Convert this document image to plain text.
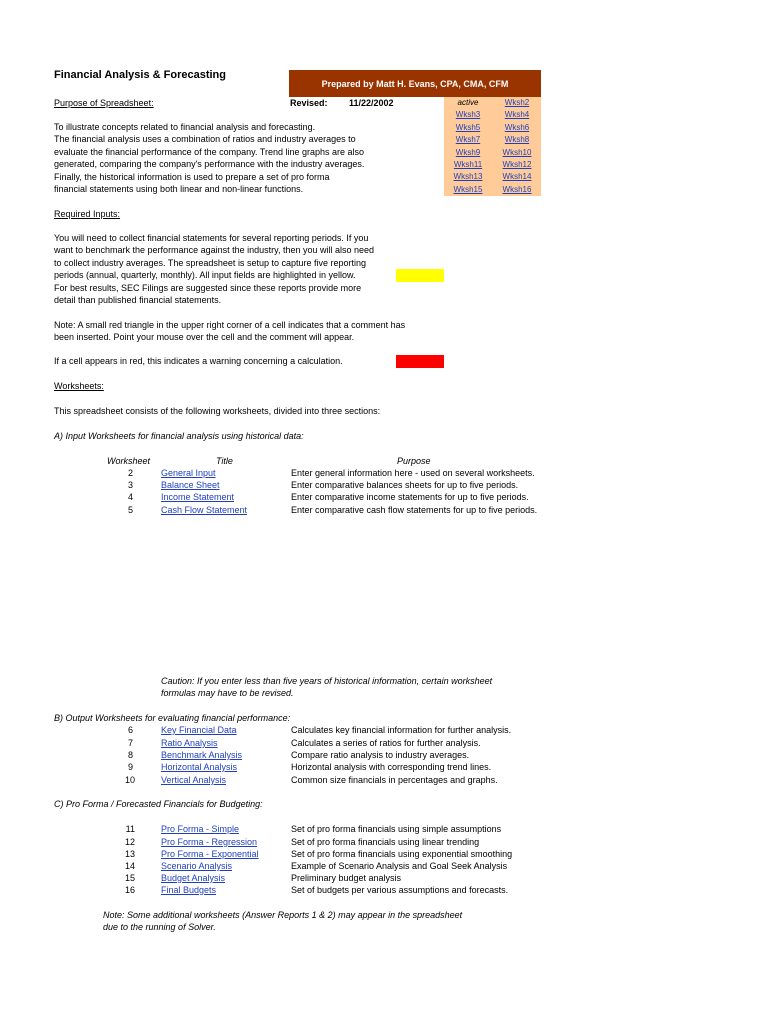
Financial Analysis & Forecasting
Prepared by Matt H. Evans, CPA, CMA, CFM
Purpose of Spreadsheet:	Revised: 11/22/2002	active	Wksh2
Wksh3	Wksh4
Wksh5	Wksh6
Wksh7	Wksh8
Wksh9	Wksh10
Wksh11	Wksh12
Wksh13	Wksh14
Wksh15	Wksh16
To illustrate concepts related to financial analysis and forecasting.
The financial analysis uses a combination of ratios and industry averages to
evaluate the financial performance of the company. Trend line graphs are also
generated, comparing the company's performance with the industry averages.
Finally, the historical information is used to prepare a set of pro forma
financial statements using both linear and non-linear functions.
Required Inputs:
You will need to collect financial statements for several reporting periods. If you
want to benchmark the performance against the industry, then you will also need
to collect industry averages. The spreadsheet is setup to capture five reporting
periods (annual, quarterly, monthly). All input fields are highlighted in yellow.
For best results, SEC Filings are suggested since these reports provide more
detail than published financial statements.
Note: A small red triangle in the upper right corner of a cell indicates that a comment has
been inserted. Point your mouse over the cell and the comment will appear.
If a cell appears in red, this indicates a warning concerning a calculation.
Worksheets:
This spreadsheet consists of the following worksheets, divided into three sections:
A) Input Worksheets for financial analysis using historical data:
Worksheet	Title	Purpose
2	General Input	Enter general information here - used on several worksheets.
3	Balance Sheet	Enter comparative balances sheets for up to five periods.
4	Income Statement	Enter comparative income statements for up to five periods.
5	Cash Flow Statement	Enter comparative cash flow statements for up to five periods.
Caution: If you enter less than five years of historical information, certain worksheet
formulas may have to be revised.
B) Output Worksheets for evaluating financial performance:
6	Key Financial Data	Calculates key financial information for further analysis.
7	Ratio Analysis	Calculates a series of ratios for further analysis.
8	Benchmark Analysis	Compare ratio analysis to industry averages.
9	Horizontal Analysis	Horizontal analysis with corresponding trend lines.
10	Vertical Analysis	Common size financials in percentages and graphs.
C) Pro Forma / Forecasted Financials for Budgeting:
11	Pro Forma - Simple	Set of pro forma financials using simple assumptions
12	Pro Forma - Regression	Set of pro forma financials using linear trending
13	Pro Forma - Exponential	Set of pro forma financials using exponential smoothing
14	Scenario Analysis	Example of Scenario Analysis and Goal Seek Analysis
15	Budget Analysis	Preliminary budget analysis
16	Final Budgets	Set of budgets per various assumptions and forecasts.
Note: Some additional worksheets (Answer Reports 1 & 2) may appear in the spreadsheet
due to the running of Solver.
